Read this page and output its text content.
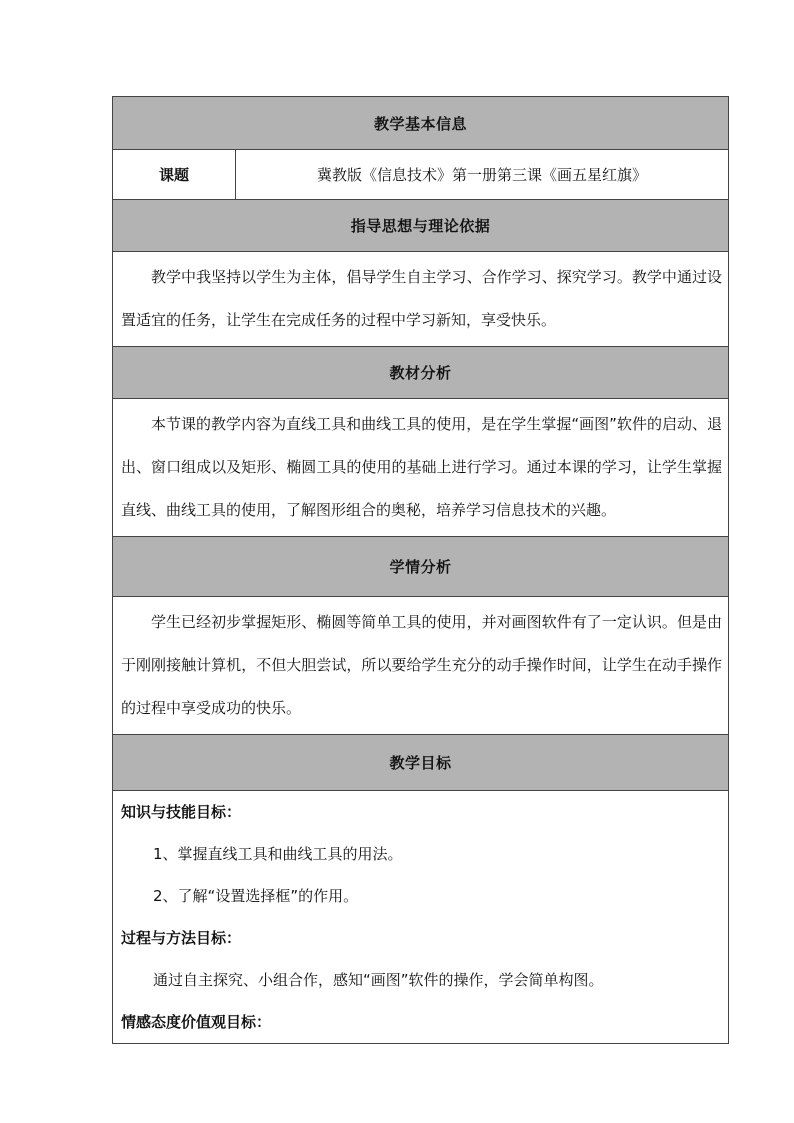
教学基本信息
课题	冀教版《信息技术》第一册第三课《画五星红旗》
指导思想与理论依据

教学中我坚持以学生为主体，倡导学生自主学习、合作学习、探究学习。教学中通过设置适宜的任务，让学生在完成任务的过程中学习新知，享受快乐。

教材分析

本节课的教学内容为直线工具和曲线工具的使用，是在学生掌握“画图”软件的启动、退出、窗口组成以及矩形、椭圆工具的使用的基础上进行学习。通过本课的学习，让学生掌握直线、曲线工具的使用，了解图形组合的奥秘，培养学习信息技术的兴趣。

学情分析

学生已经初步掌握矩形、椭圆等简单工具的使用，并对画图软件有了一定认识。但是由于刚刚接触计算机，不但大胆尝试，所以要给学生充分的动手操作时间，让学生在动手操作的过程中享受成功的快乐。

教学目标

知识与技能目标：

1、掌握直线工具和曲线工具的用法。

2、了解“设置选择框”的作用。

过程与方法目标：

通过自主探究、小组合作，感知“画图”软件的操作，学会简单构图。

情感态度价值观目标：
